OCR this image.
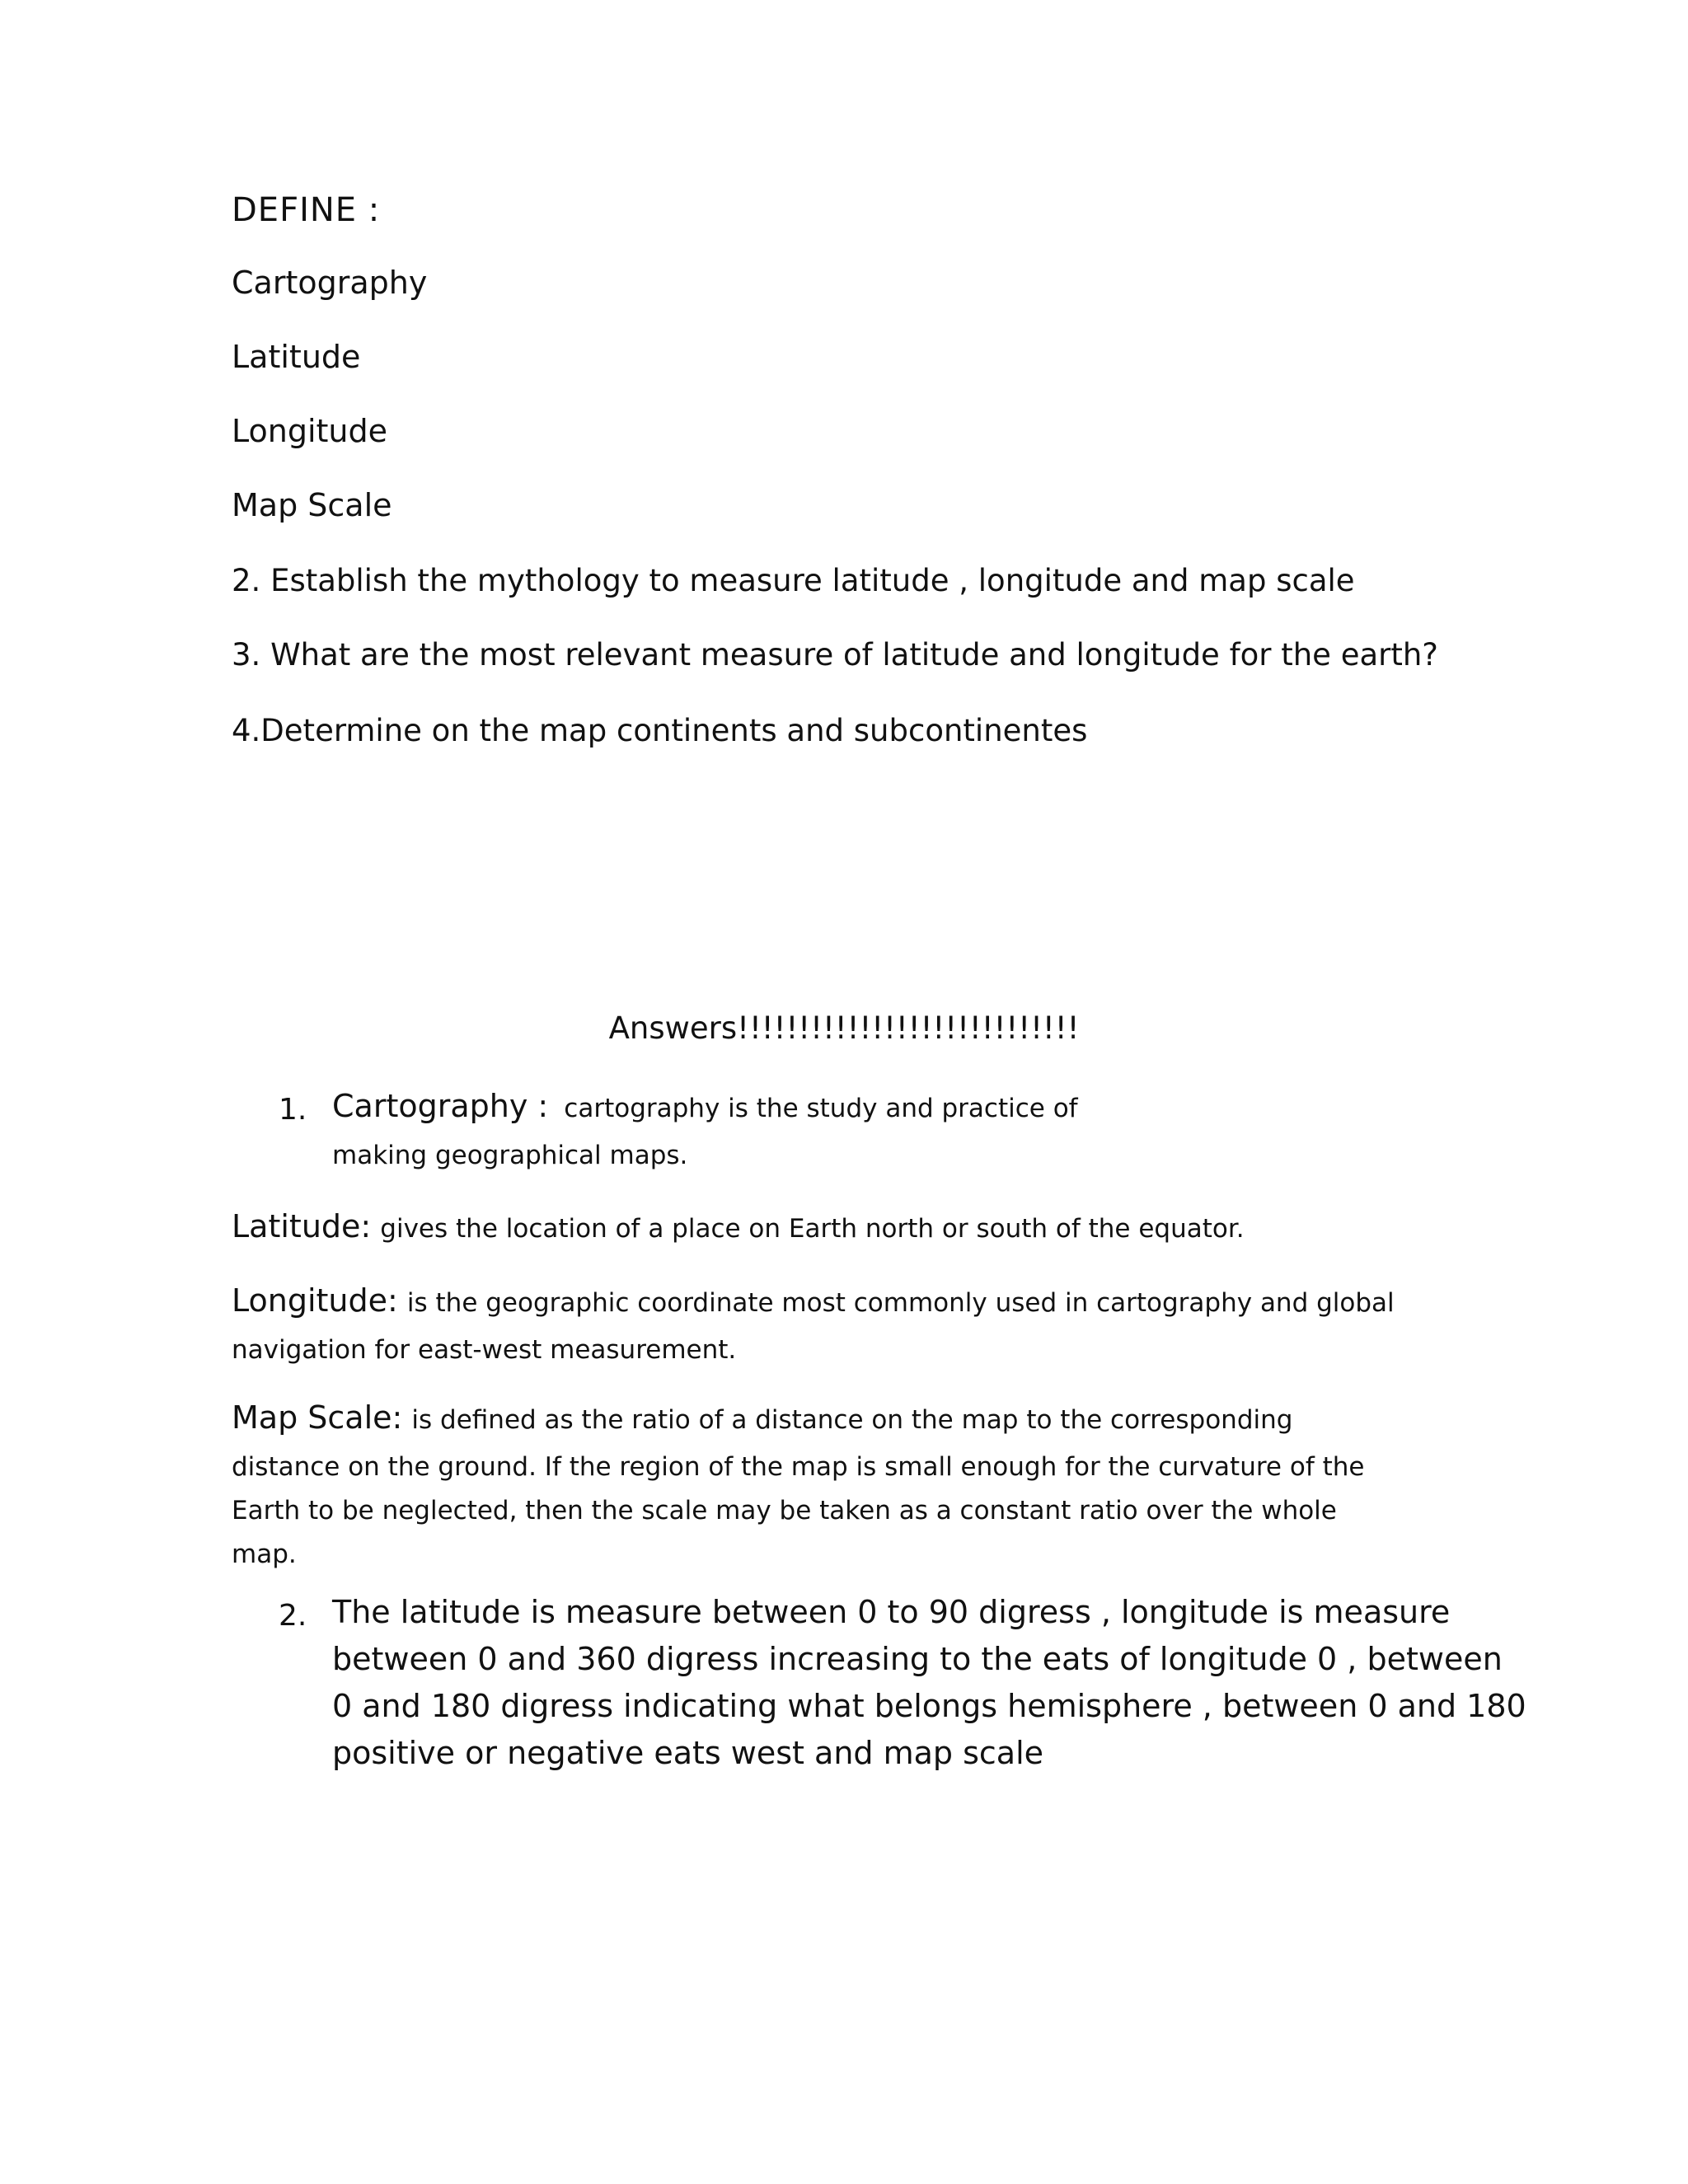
DEFINE :
Cartography
Latitude
Longitude
Map Scale
2. Establish the mythology to measure latitude , longitude and map scale
3. What are the most relevant measure of latitude and longitude for the earth?
4.Determine on the map continents and subcontinentes
Answers!!!!!!!!!!!!!!!!!!!!!!!!!!!!
1. Cartography : cartography is the study and practice of
making geographical maps.
Latitude: gives the location of a place on Earth north or south of the equator.
Longitude: is the geographic coordinate most commonly used in cartography and global
navigation for east-west measurement.
Map Scale: is defined as the ratio of a distance on the map to the corresponding
distance on the ground. If the region of the map is small enough for the curvature of the
Earth to be neglected, then the scale may be taken as a constant ratio over the whole
map.
2. The latitude is measure between 0 to 90 digress , longitude is measure
between 0 and 360 digress increasing to the eats of longitude 0 , between
0 and 180 digress indicating what belongs hemisphere , between 0 and 180
positive or negative eats west and map scale
